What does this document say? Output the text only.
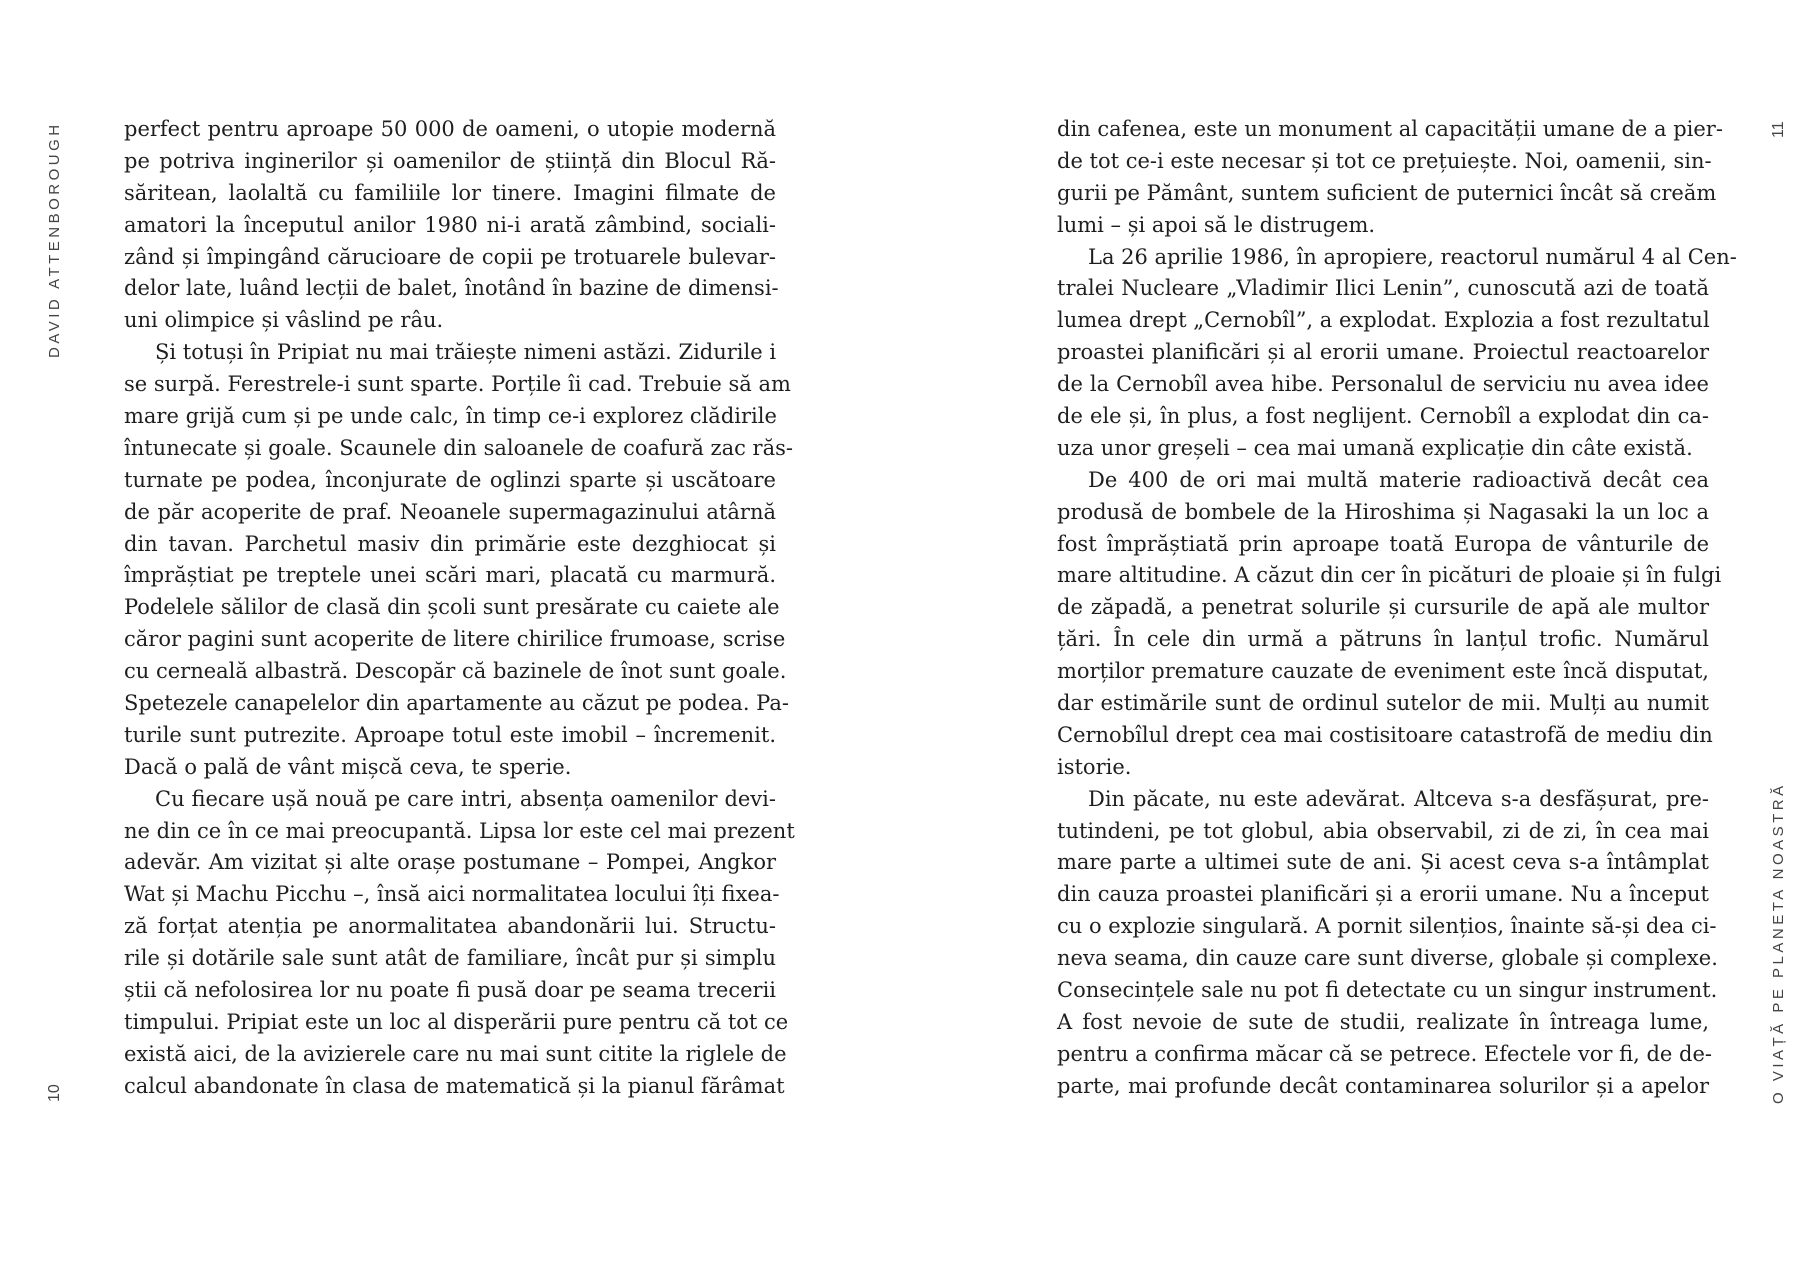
DAVID ATTENBOROUGH
10
perfect pentru aproape 50 000 de oameni, o utopie modernă
pe potriva inginerilor și oamenilor de știință din Blocul Ră-
săritean, laolaltă cu familiile lor tinere. Imagini filmate de
amatori la începutul anilor 1980 ni-i arată zâmbind, sociali-
zând și împingând cărucioare de copii pe trotuarele bulevar-
delor late, luând lecții de balet, înotând în bazine de dimensi-
uni olimpice și vâslind pe râu.
Și totuși în Pripiat nu mai trăiește nimeni astăzi. Zidurile i
se surpă. Ferestrele-i sunt sparte. Porțile îi cad. Trebuie să am
mare grijă cum și pe unde calc, în timp ce-i explorez clădirile
întunecate și goale. Scaunele din saloanele de coafură zac răs-
turnate pe podea, înconjurate de oglinzi sparte și uscătoare
de păr acoperite de praf. Neoanele supermagazinului atârnă
din tavan. Parchetul masiv din primărie este dezghiocat și
împrăștiat pe treptele unei scări mari, placată cu marmură.
Podelele sălilor de clasă din școli sunt presărate cu caiete ale
căror pagini sunt acoperite de litere chirilice frumoase, scrise
cu cerneală albastră. Descopăr că bazinele de înot sunt goale.
Spetezele canapelelor din apartamente au căzut pe podea. Pa-
turile sunt putrezite. Aproape totul este imobil – încremenit.
Dacă o pală de vânt mișcă ceva, te sperie.
Cu fiecare ușă nouă pe care intri, absența oamenilor devi-
ne din ce în ce mai preocupantă. Lipsa lor este cel mai prezent
adevăr. Am vizitat și alte orașe postumane – Pompei, Angkor
Wat și Machu Picchu –, însă aici normalitatea locului îți fixea-
ză forțat atenția pe anormalitatea abandonării lui. Structu-
rile și dotările sale sunt atât de familiare, încât pur și simplu
știi că nefolosirea lor nu poate fi pusă doar pe seama trecerii
timpului. Pripiat este un loc al disperării pure pentru că tot ce
există aici, de la avizierele care nu mai sunt citite la riglele de
calcul abandonate în clasa de matematică și la pianul fărâmat
11
O VIAȚĂ PE PLANETA NOASTRĂ
din cafenea, este un monument al capacității umane de a pier-
de tot ce-i este necesar și tot ce prețuiește. Noi, oamenii, sin-
gurii pe Pământ, suntem suficient de puternici încât să creăm
lumi – și apoi să le distrugem.
La 26 aprilie 1986, în apropiere, reactorul numărul 4 al Cen-
tralei Nucleare „Vladimir Ilici Lenin”, cunoscută azi de toată
lumea drept „Cernobîl”, a explodat. Explozia a fost rezultatul
proastei planificări și al erorii umane. Proiectul reactoarelor
de la Cernobîl avea hibe. Personalul de serviciu nu avea idee
de ele și, în plus, a fost neglijent. Cernobîl a explodat din ca-
uza unor greșeli – cea mai umană explicație din câte există.
De 400 de ori mai multă materie radioactivă decât cea
produsă de bombele de la Hiroshima și Nagasaki la un loc a
fost împrăștiată prin aproape toată Europa de vânturile de
mare altitudine. A căzut din cer în picături de ploaie și în fulgi
de zăpadă, a penetrat solurile și cursurile de apă ale multor
țări. În cele din urmă a pătruns în lanțul trofic. Numărul
morților premature cauzate de eveniment este încă disputat,
dar estimările sunt de ordinul sutelor de mii. Mulți au numit
Cernobîlul drept cea mai costisitoare catastrofă de mediu din
istorie.
Din păcate, nu este adevărat. Altceva s-a desfășurat, pre-
tutindeni, pe tot globul, abia observabil, zi de zi, în cea mai
mare parte a ultimei sute de ani. Și acest ceva s-a întâmplat
din cauza proastei planificări și a erorii umane. Nu a început
cu o explozie singulară. A pornit silențios, înainte să-și dea ci-
neva seama, din cauze care sunt diverse, globale și complexe.
Consecințele sale nu pot fi detectate cu un singur instrument.
A fost nevoie de sute de studii, realizate în întreaga lume,
pentru a confirma măcar că se petrece. Efectele vor fi, de de-
parte, mai profunde decât contaminarea solurilor și a apelor
